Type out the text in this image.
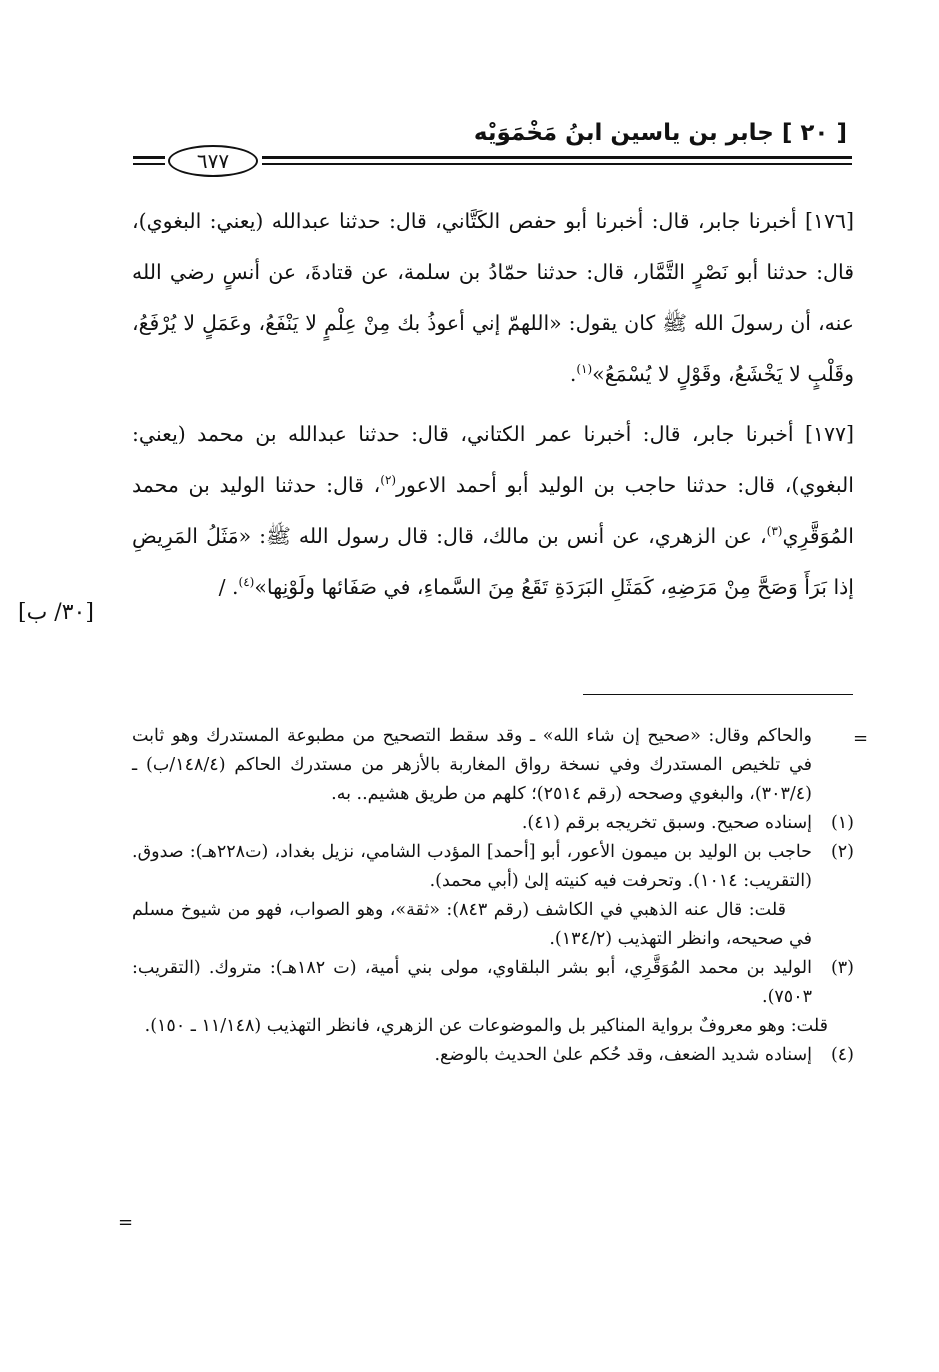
[ ٢٠ ] جابر بن ياسين ابنُ مَخْمَوَيْه
٦٧٧

[١٧٦] أخبرنا جابر، قال: أخبرنا أبو حفص الكَتَّاني، قال: حدثنا عبدالله (يعني: البغوي)، قال: حدثنا أبو نَصْرٍ التَّمَّار، قال: حدثنا حمّادُ بن سلمة، عن قتادةَ، عن أنسٍ رضي الله عنه، أن رسولَ الله ﷺ كان يقول: «اللهمّ إني أعوذُ بك مِنْ عِلْمٍ لا يَنْفَعُ، وعَمَلٍ لا يُرْفَعُ، وقَلْبٍ لا يَخْشَعُ، وقَوْلٍ لا يُسْمَعُ»$^{(١)}$.

[١٧٧] أخبرنا جابر، قال: أخبرنا عمر الكتاني، قال: حدثنا عبدالله بن محمد (يعني: البغوي)، قال: حدثنا حاجب بن الوليد أبو أحمد الاعور$^{(٢)}$، قال: حدثنا الوليد بن محمد المُوَقَّرِي$^{(٣)}$، عن الزهري، عن أنس بن مالك، قال: قال رسول الله ﷺ: «مَثَلُ المَرِيضِ إذا بَرَأَ وَصَحَّ مِنْ مَرَضِهِ، كَمَثَلِ البَرَدَةِ تَقَعُ مِنَ السَّماءِ، في صَفَائها ولَوْنِها»$^{(٤)}$. /

[٣٠/ ب]
=

والحاكم وقال: «صحيح إن شاء الله» ـ وقد سقط التصحيح من مطبوعة المستدرك وهو ثابت في تلخيص المستدرك وفي نسخة رواق المغاربة بالأزهر من مستدرك الحاكم (١٤٨/٤/ب) ـ (٣٠٣/٤)، والبغوي وصححه (رقم ٢٥١٤)؛ كلهم من طريق هشيم.. به.

(١)

إسناده صحيح. وسبق تخريجه برقم (٤١).

(٢)

حاجب بن الوليد بن ميمون الأعور، أبو [أحمد] المؤدب الشامي، نزيل بغداد، (ت٢٢٨هـ): صدوق. (التقريب: ١٠١٤). وتحرفت فيه كنيته إلىٰ (أبي محمد).

قلت: قال عنه الذهبي في الكاشف (رقم ٨٤٣): «ثقة»، وهو الصواب، فهو من شيوخ مسلم في صحيحه، وانظر التهذيب (١٣٤/٢).

(٣)

الوليد بن محمد المُوَقَّرِي، أبو بشر البلقاوي، مولى بني أمية، (ت ١٨٢هـ): متروك. (التقريب: ٧٥٠٣).

قلت: وهو معروفٌ برواية المناكير بل والموضوعات عن الزهري، فانظر التهذيب (١١/١٤٨ ـ ١٥٠).

(٤)

إسناده شديد الضعف، وقد حُكم علىٰ الحديث بالوضع.

=
